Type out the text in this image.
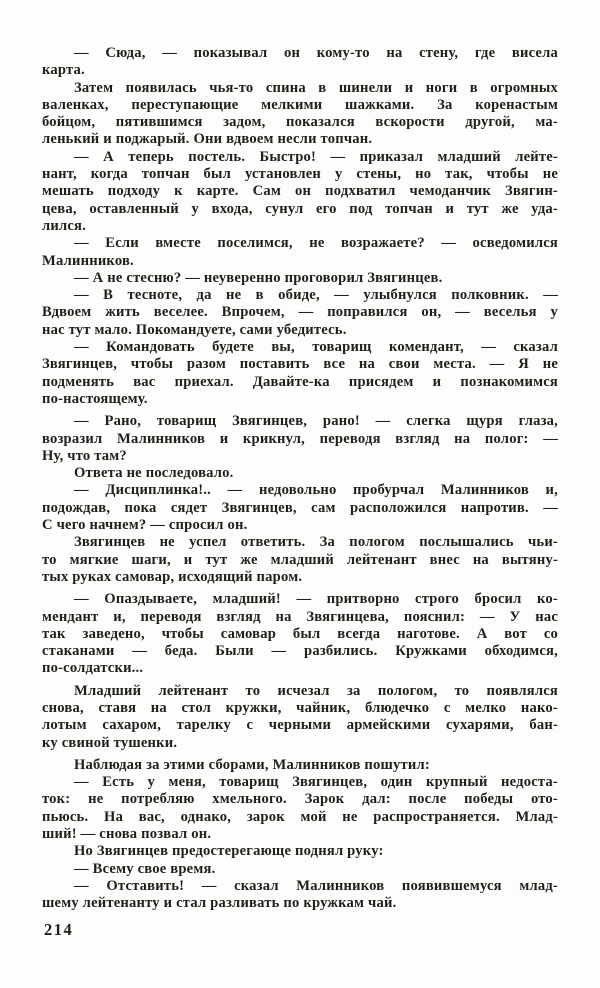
— Сюда, — показывал он кому-то на стену, где висела
карта.
Затем появилась чья-то спина в шинели и ноги в огромных
валенках, переступающие мелкими шажками. За коренастым
бойцом, пятившимся задом, показался вскорости другой, ма-
ленький и поджарый. Они вдвоем несли топчан.
— А теперь постель. Быстро! — приказал младший лейте-
нант, когда топчан был установлен у стены, но так, чтобы не
мешать подходу к карте. Сам он подхватил чемоданчик Звягин-
цева, оставленный у входа, сунул его под топчан и тут же уда-
лился.
— Если вместе поселимся, не возражаете? — осведомился
Малинников.
— А не стесню? — неуверенно проговорил Звягинцев.
— В тесноте, да не в обиде, — улыбнулся полковник. —
Вдвоем жить веселее. Впрочем, — поправился он, — веселья у
нас тут мало. Покомандуете, сами убедитесь.
— Командовать будете вы, товарищ комендант, — сказал
Звягинцев, чтобы разом поставить все на свои места. — Я не
подменять вас приехал. Давайте-ка присядем и познакомимся
по-настоящему.
— Рано, товарищ Звягинцев, рано! — слегка щуря глаза,
возразил Малинников и крикнул, переводя взгляд на полог: —
Ну, что там?
Ответа не последовало.
— Дисциплинка!.. — недовольно пробурчал Малинников и,
подождав, пока сядет Звягинцев, сам расположился напротив. —
С чего начнем? — спросил он.
Звягинцев не успел ответить. За пологом послышались чьи-
то мягкие шаги, и тут же младший лейтенант внес на вытяну-
тых руках самовар, исходящий паром.
— Опаздываете, младший! — притворно строго бросил ко-
мендант и, переводя взгляд на Звягинцева, пояснил: — У нас
так заведено, чтобы самовар был всегда наготове. А вот со
стаканами — беда. Были — разбились. Кружками обходимся,
по-солдатски...
Младший лейтенант то исчезал за пологом, то появлялся
снова, ставя на стол кружки, чайник, блюдечко с мелко нако-
лотым сахаром, тарелку с черными армейскими сухарями, бан-
ку свиной тушенки.
Наблюдая за этими сборами, Малинников пошутил:
— Есть у меня, товарищ Звягинцев, один крупный недоста-
ток: не потребляю хмельного. Зарок дал: после победы ото-
пьюсь. На вас, однако, зарок мой не распространяется. Млад-
ший! — снова позвал он.
Но Звягинцев предостерегающе поднял руку:
— Всему свое время.
— Отставить! — сказал Малинников появившемуся млад-
шему лейтенанту и стал разливать по кружкам чай.
214
